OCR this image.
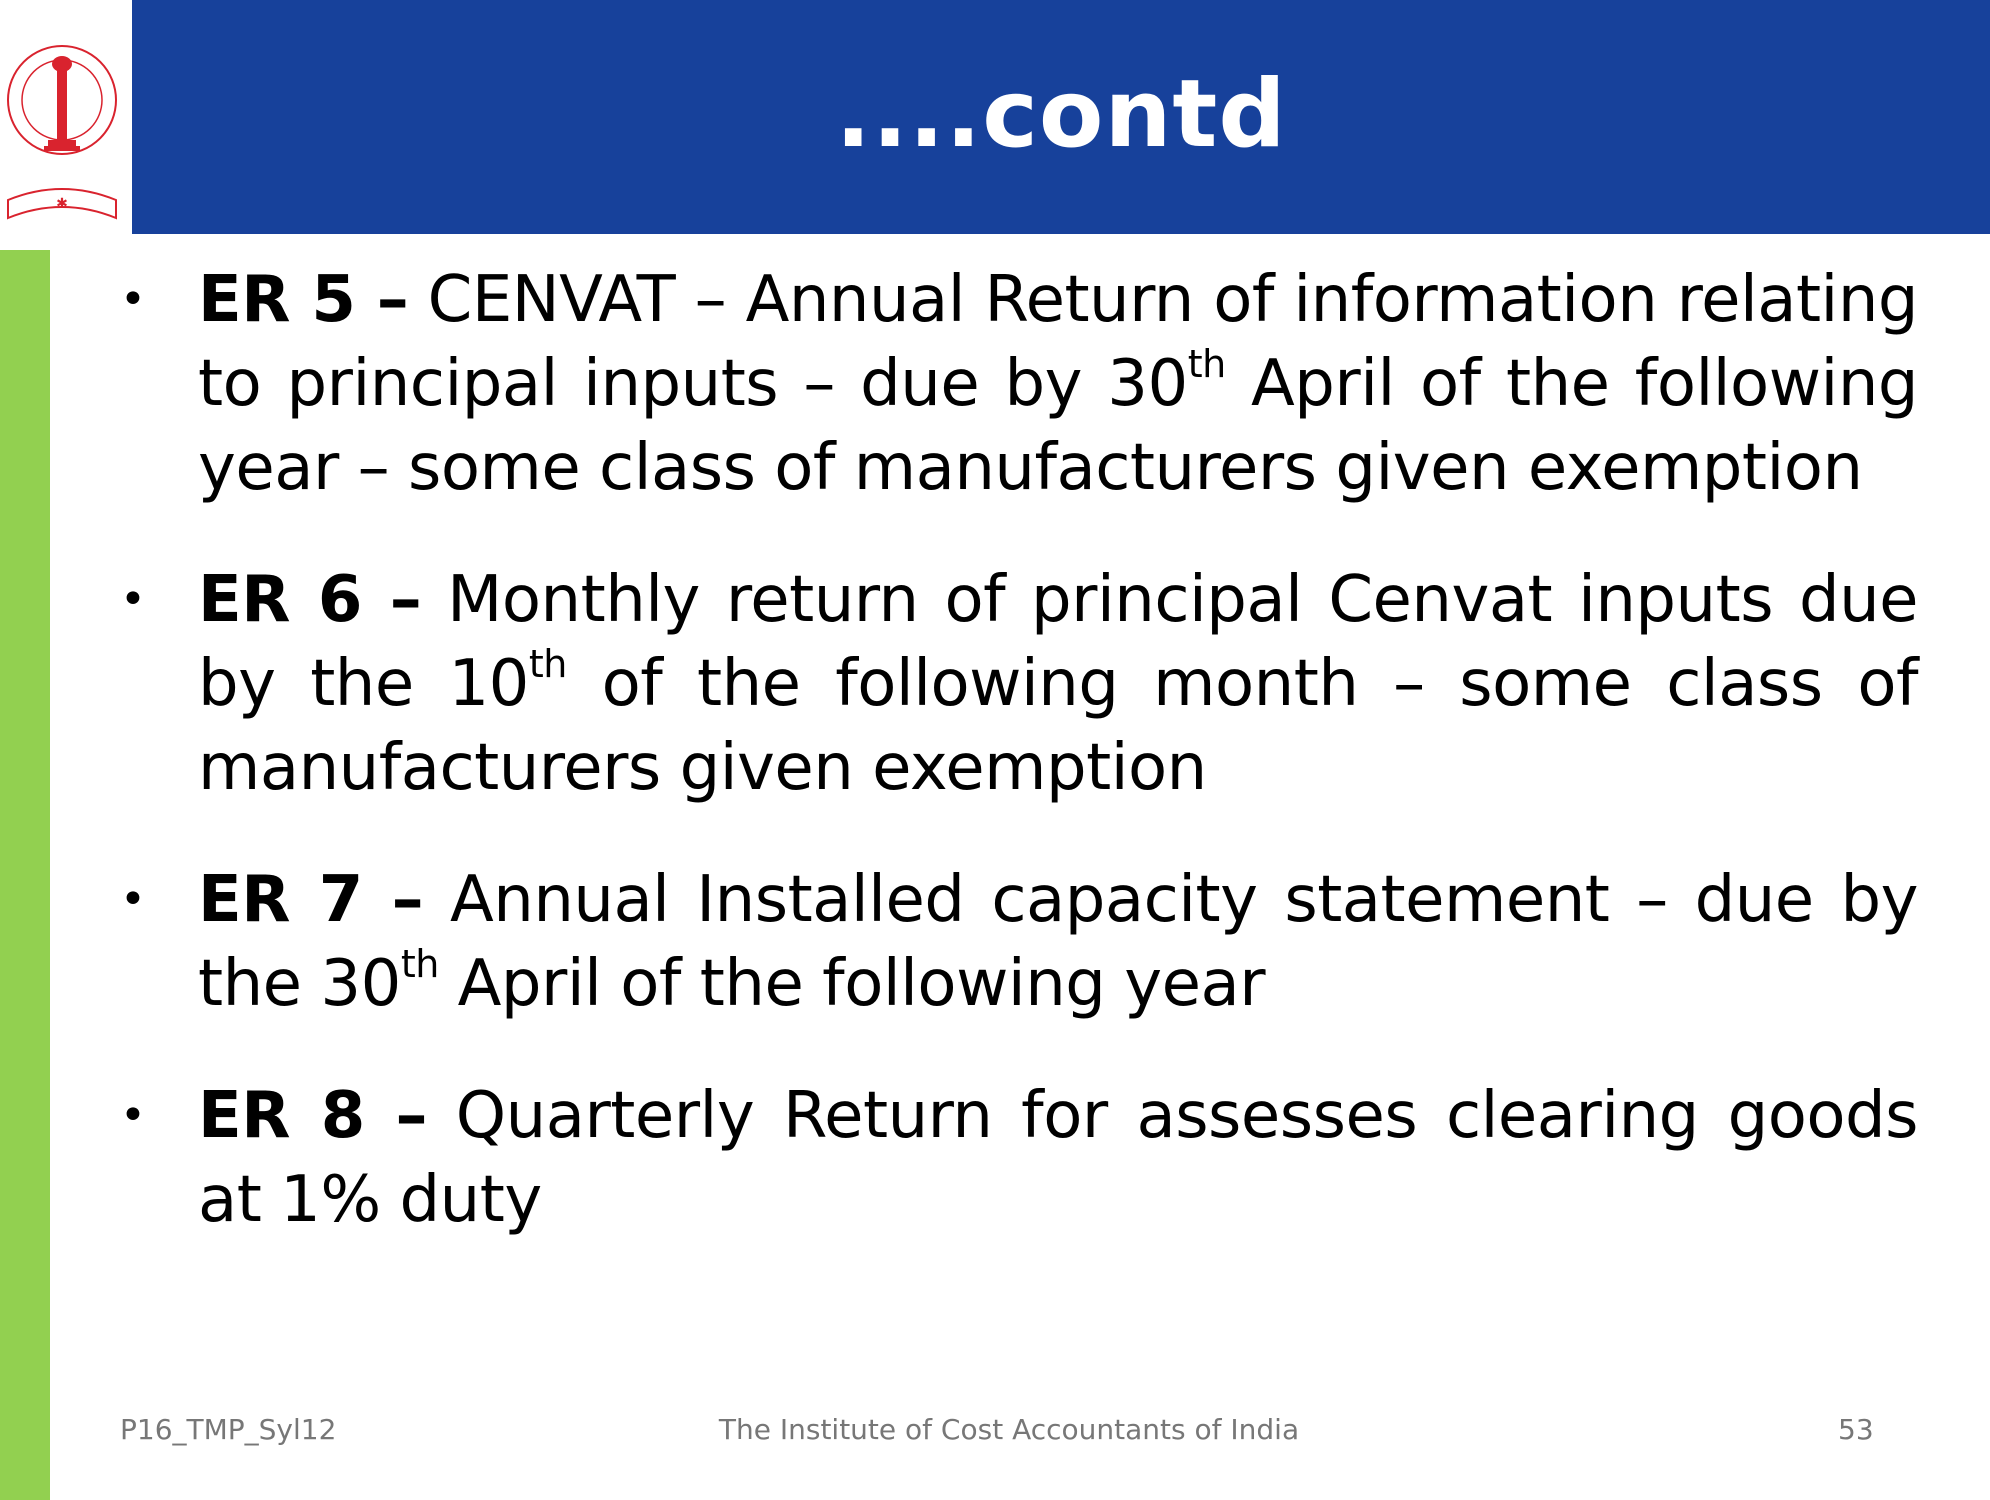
✱
....contd
• ER 5 – CENVAT – Annual Return of information relating to principal inputs – due by 30th April of the following year – some class of manufacturers given exemption
• ER 6 – Monthly return of principal Cenvat inputs due by the 10th of the following month – some class of manufacturers given exemption
• ER 7 – Annual Installed capacity statement – due by the 30th April of the following year
• ER 8 – Quarterly Return for assesses clearing goods at 1% duty
P16_TMP_Syl12	The Institute of Cost Accountants of India	53
